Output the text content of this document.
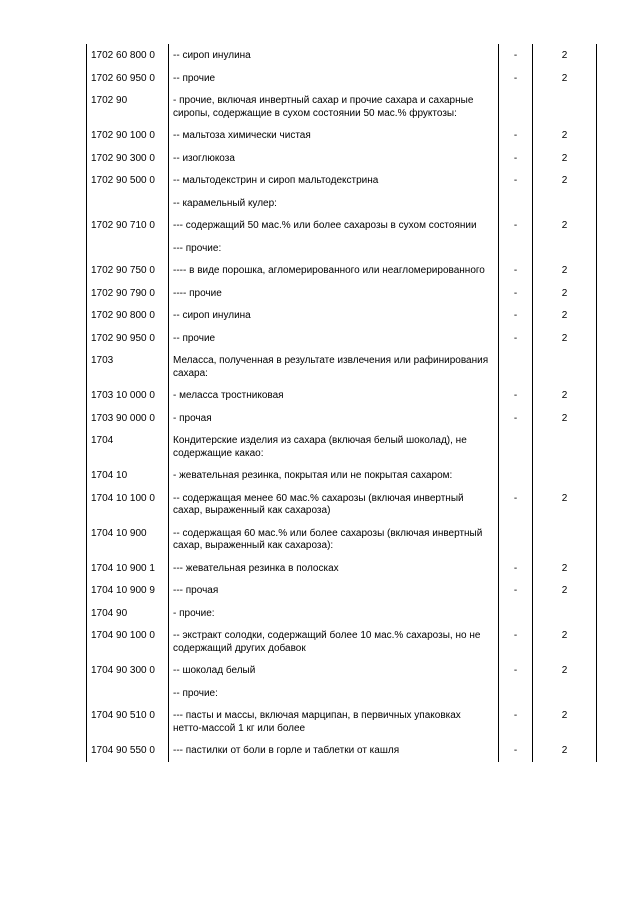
1702 60 800 0	-- сироп инулина	-	2
1702 60 950 0	-- прочие	-	2
1702 90	- прочие, включая инвертный сахар и прочие сахара и сахарные сиропы, содержащие в сухом состоянии 50 мас.% фруктозы:		
1702 90 100 0	-- мальтоза химически чистая	-	2
1702 90 300 0	-- изоглюкоза	-	2
1702 90 500 0	-- мальтодекстрин и сироп мальтодекстрина	-	2
	-- карамельный кулер:		
1702 90 710 0	--- содержащий 50 мас.% или более сахарозы в сухом состоянии	-	2
	--- прочие:		
1702 90 750 0	---- в виде порошка, агломерированного или неагломерированного	-	2
1702 90 790 0	---- прочие	-	2
1702 90 800 0	-- сироп инулина	-	2
1702 90 950 0	-- прочие	-	2
1703	Меласса, полученная в результате извлечения или рафинирования сахара:		
1703 10 000 0	- меласса тростниковая	-	2
1703 90 000 0	- прочая	-	2
1704	Кондитерские изделия из сахара (включая белый шоколад), не содержащие какао:		
1704 10	- жевательная резинка, покрытая или не покрытая сахаром:		
1704 10 100 0	-- содержащая менее 60 мас.% сахарозы (включая инвертный сахар, выраженный как сахароза)	-	2
1704 10 900	-- содержащая 60 мас.% или более сахарозы (включая инвертный сахар, выраженный как сахароза):		
1704 10 900 1	--- жевательная резинка в полосках	-	2
1704 10 900 9	--- прочая	-	2
1704 90	- прочие:		
1704 90 100 0	-- экстракт солодки, содержащий более 10 мас.% сахарозы, но не содержащий других добавок	-	2
1704 90 300 0	-- шоколад белый	-	2
	-- прочие:		
1704 90 510 0	--- пасты и массы, включая марципан, в первичных упаковках нетто-массой 1 кг или более	-	2
1704 90 550 0	--- пастилки от боли в горле и таблетки от кашля	-	2
